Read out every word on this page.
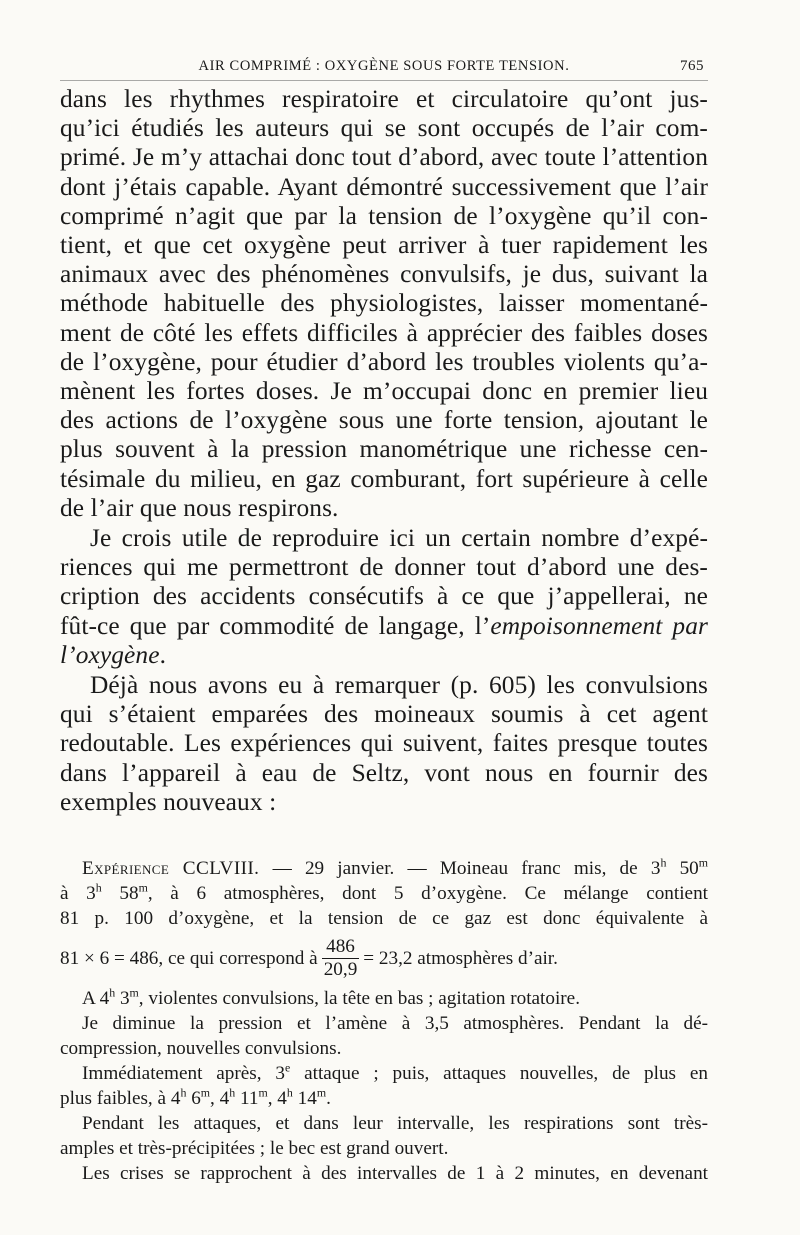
AIR COMPRIMÉ : OXYGÈNE SOUS FORTE TENSION.	765

dans les rhythmes respiratoire et circulatoire qu’ont jus-
qu’ici étudiés les auteurs qui se sont occupés de l’air com-
primé. Je m’y attachai donc tout d’abord, avec toute l’attention
dont j’étais capable. Ayant démontré successivement que l’air
comprimé n’agit que par la tension de l’oxygène qu’il con-
tient, et que cet oxygène peut arriver à tuer rapidement les
animaux avec des phénomènes convulsifs, je dus, suivant la
méthode habituelle des physiologistes, laisser momentané-
ment de côté les effets difficiles à apprécier des faibles doses
de l’oxygène, pour étudier d’abord les troubles violents qu’a-
mènent les fortes doses. Je m’occupai donc en premier lieu
des actions de l’oxygène sous une forte tension, ajoutant le
plus souvent à la pression manométrique une richesse cen-
tésimale du milieu, en gaz comburant, fort supérieure à celle
de l’air que nous respirons.

Je crois utile de reproduire ici un certain nombre d’expé-
riences qui me permettront de donner tout d’abord une des-
cription des accidents consécutifs à ce que j’appellerai, ne
fût-ce que par commodité de langage, l’empoisonnement par
l’oxygène.

Déjà nous avons eu à remarquer (p. 605) les convulsions
qui s’étaient emparées des moineaux soumis à cet agent
redoutable. Les expériences qui suivent, faites presque toutes
dans l’appareil à eau de Seltz, vont nous en fournir des
exemples nouveaux :

Expérience CCLVIII. — 29 janvier. — Moineau franc mis, de 3$^h$ 50$^m$
à 3$^h$ 58$^m$, à 6 atmosphères, dont 5 d’oxygène. Ce mélange contient
81 p. 100 d’oxygène, et la tension de ce gaz est donc équivalente à
81 × 6 = 486, ce qui correspond à $\frac{486}{20,9} = 23,2$ atmosphères d’air.
A 4$^h$ 3$^m$, violentes convulsions, la tête en bas ; agitation rotatoire.
Je diminue la pression et l’amène à 3,5 atmosphères. Pendant la dé-
compression, nouvelles convulsions.
Immédiatement après, 3e attaque ; puis, attaques nouvelles, de plus en
plus faibles, à 4$^h$ 6$^m$, 4$^h$ 11$^m$, 4$^h$ 14$^m$.
Pendant les attaques, et dans leur intervalle, les respirations sont très-
amples et très-précipitées ; le bec est grand ouvert.
Les crises se rapprochent à des intervalles de 1 à 2 minutes, en devenant
